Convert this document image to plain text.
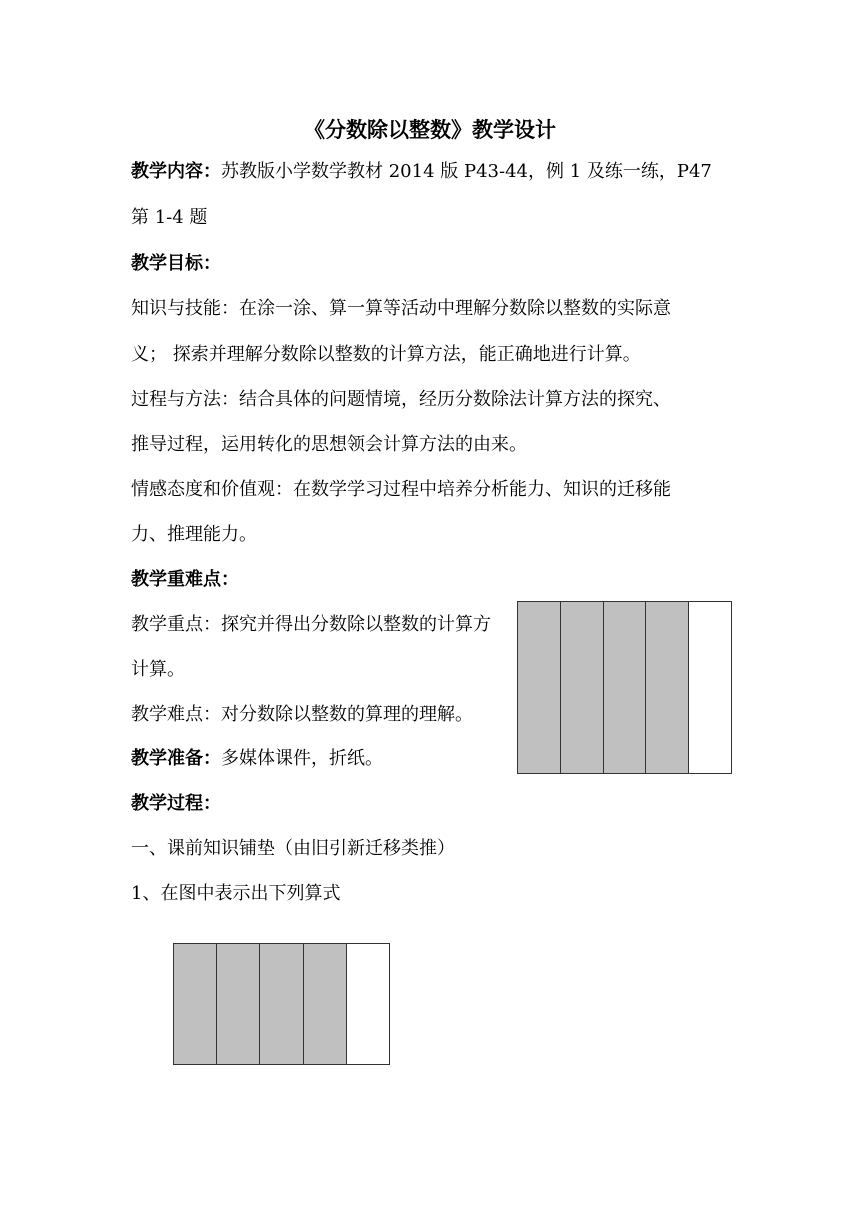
《分数除以整数》教学设计
教学内容：苏教版小学数学教材 2014 版 P43-44，例 1 及练一练，P47
第 1-4 题
教学目标：
知识与技能：在涂一涂、算一算等活动中理解分数除以整数的实际意
义； 探索并理解分数除以整数的计算方法，能正确地进行计算。
过程与方法：结合具体的问题情境，经历分数除法计算方法的探究、
推导过程，运用转化的思想领会计算方法的由来。
情感态度和价值观：在数学学习过程中培养分析能力、知识的迁移能
力、推理能力。
教学重难点：
教学重点：探究并得出分数除以整数的计算方
计算。
教学难点：对分数除以整数的算理的理解。
教学准备：多媒体课件，折纸。
教学过程：
一、课前知识铺垫（由旧引新迁移类推）
1、在图中表示出下列算式
